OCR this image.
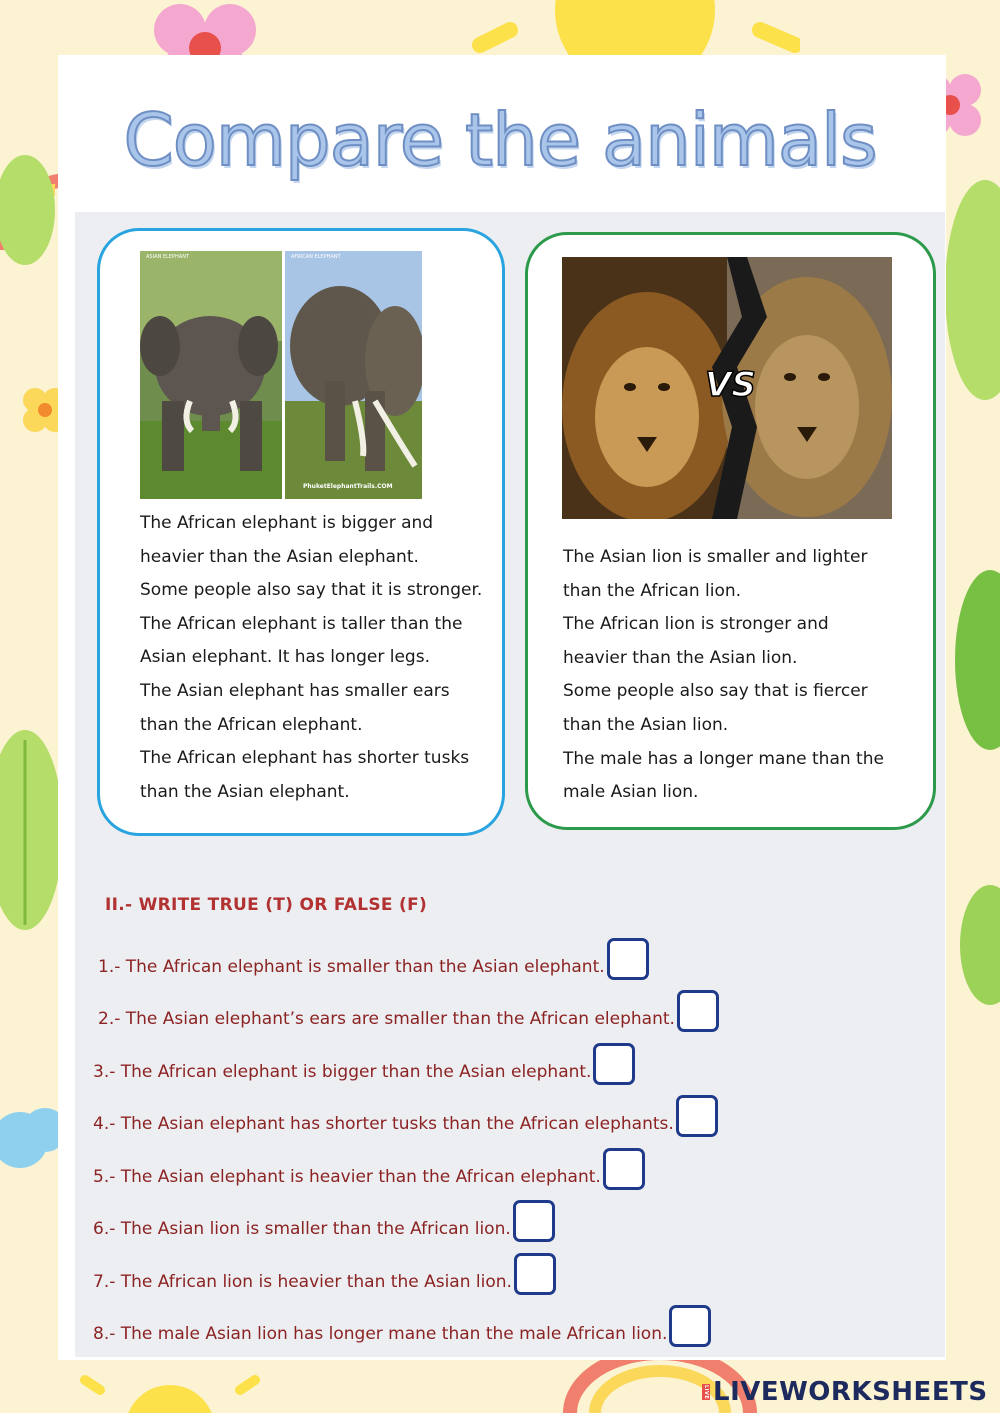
Compare the animals
ASIAN ELEPHANT	AFRICAN ELEPHANT
PhuketElephantTrails.COM
The African elephant is bigger and
heavier than the Asian elephant.
Some people also say that it is stronger.
The African elephant is taller than the
Asian elephant. It has longer legs.
The Asian elephant has smaller ears
than the African elephant.
The African elephant has shorter tusks
than the Asian elephant.
VS
The Asian lion is smaller and lighter
than the African lion.
The African lion is stronger and
heavier than the Asian lion.
Some people also say that is fiercer
than the Asian lion.
The male has a longer mane than the
male Asian lion.
II.- WRITE TRUE (T) OR FALSE (F)
1.- The African elephant is smaller than the Asian elephant.
2.- The Asian elephant’s ears are smaller than the African elephant.
3.- The African elephant is bigger than the Asian elephant.
4.- The Asian elephant has shorter tusks than the African elephants.
5.- The Asian elephant is heavier than the African elephant.
6.- The Asian lion is smaller than the African lion.
7.- The African lion is heavier than the Asian lion.
8.- The male Asian lion has longer mane than the male African lion.
LIVE LIVEWORKSHEETS
